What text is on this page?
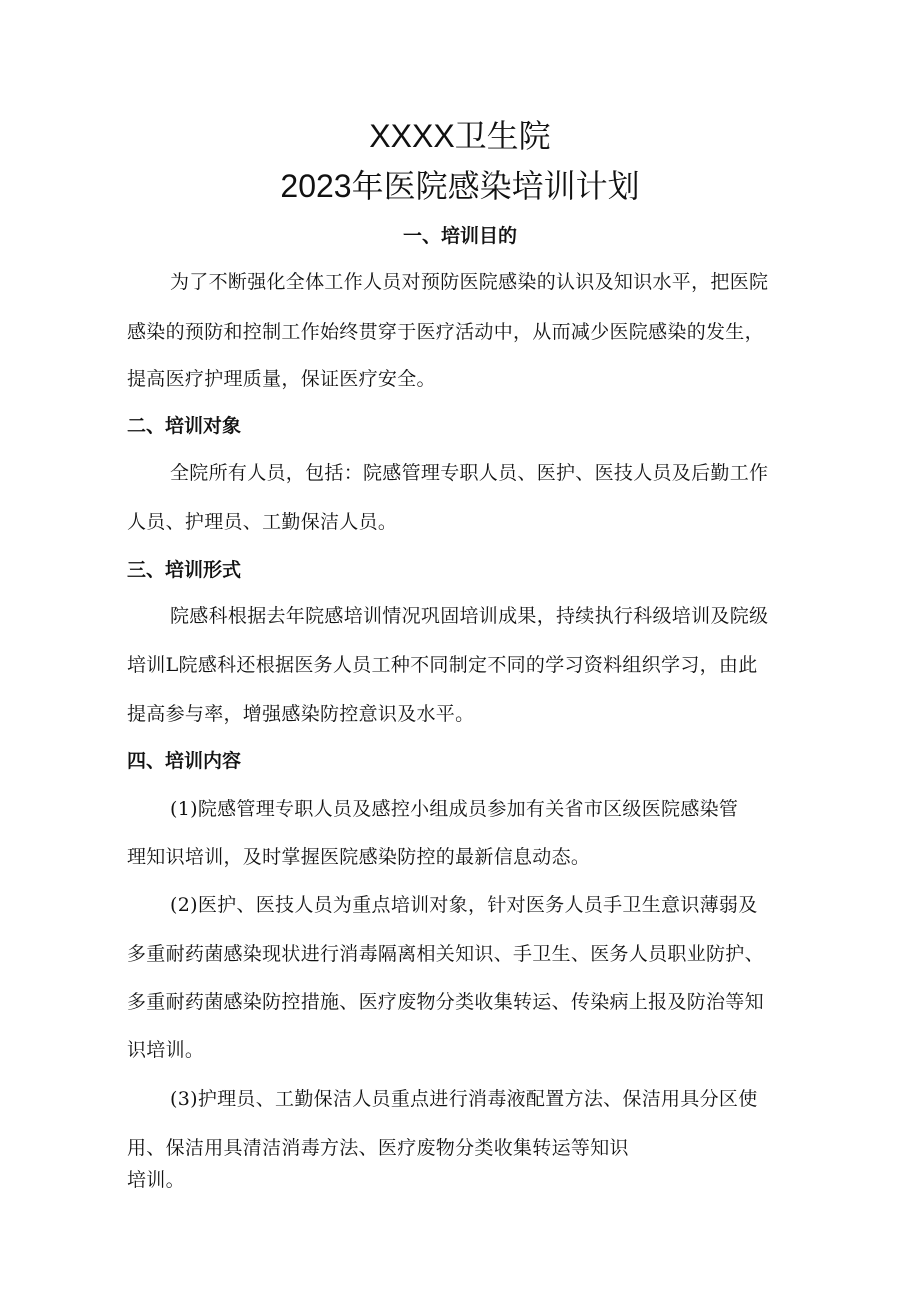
XXXX卫生院
2023年医院感染培训计划
一、培训目的
为了不断强化全体工作人员对预防医院感染的认识及知识水平，把医院
感染的预防和控制工作始终贯穿于医疗活动中，从而减少医院感染的发生，
提高医疗护理质量，保证医疗安全。
二、培训对象
全院所有人员，包括：院感管理专职人员、医护、医技人员及后勤工作
人员、护理员、工勤保洁人员。
三、培训形式
院感科根据去年院感培训情况巩固培训成果，持续执行科级培训及院级
培训L院感科还根据医务人员工种不同制定不同的学习资料组织学习，由此
提高参与率，增强感染防控意识及水平。
四、培训内容
(1)院感管理专职人员及感控小组成员参加有关省市区级医院感染管
理知识培训，及时掌握医院感染防控的最新信息动态。
(2)医护、医技人员为重点培训对象，针对医务人员手卫生意识薄弱及
多重耐药菌感染现状进行消毒隔离相关知识、手卫生、医务人员职业防护、
多重耐药菌感染防控措施、医疗废物分类收集转运、传染病上报及防治等知
识培训。
(3)护理员、工勤保洁人员重点进行消毒液配置方法、保洁用具分区使
用、保洁用具清洁消毒方法、医疗废物分类收集转运等知识
培训。
